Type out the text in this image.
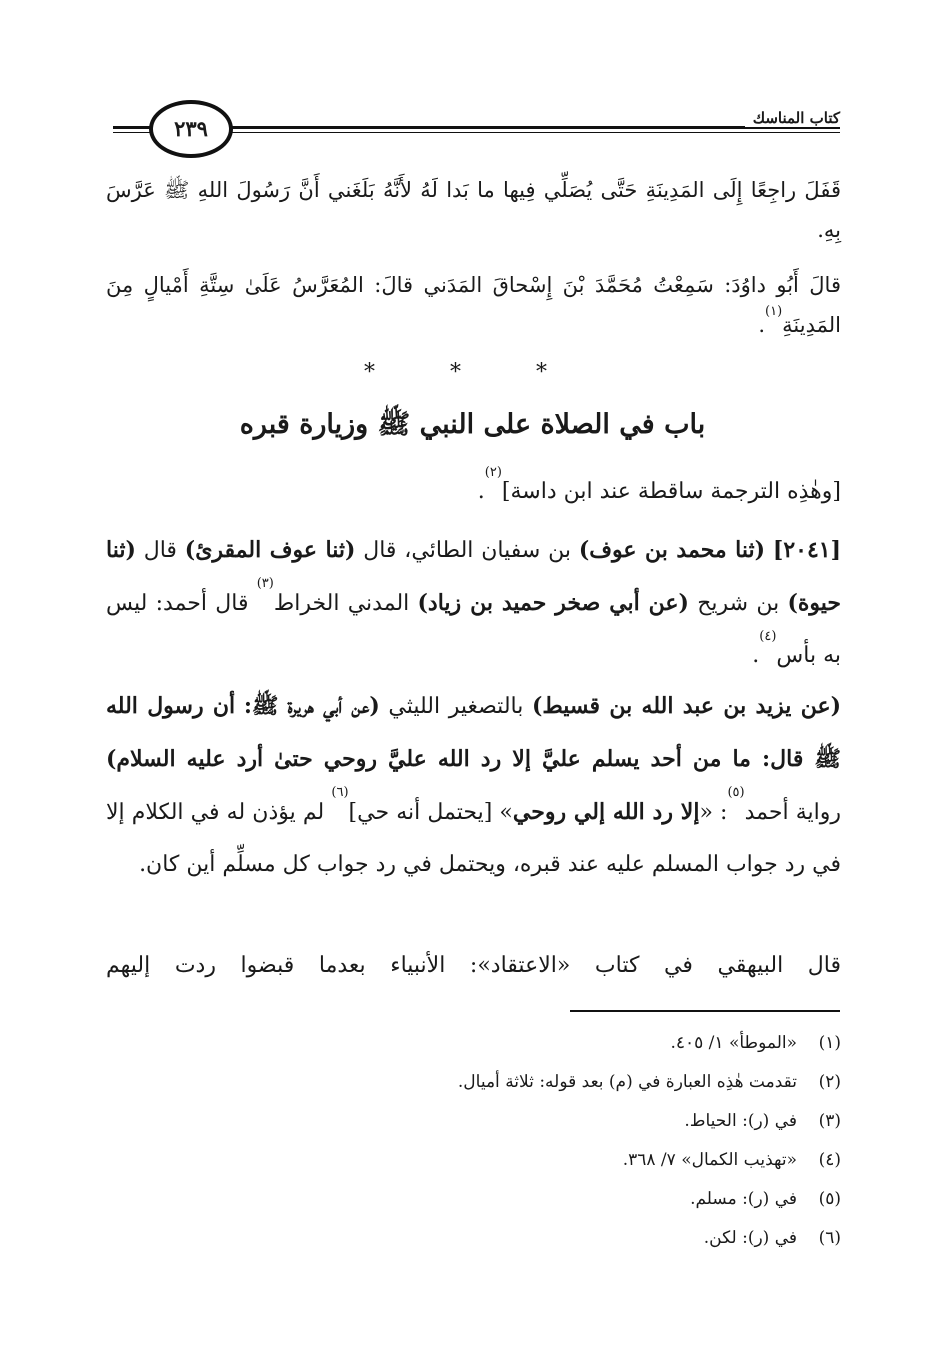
كتاب المناسك
٢٣٩

قَفَلَ راجِعًا إِلَى المَدِينَةِ حَتَّى يُصَلِّي فِيها ما بَدا لَهُ لأَنَّهُ بَلَغَني أَنَّ رَسُولَ اللهِ ﷺ عَرَّسَ بِهِ.

قالَ أَبُو داوُدَ: سَمِعْتُ مُحَمَّدَ بْنَ إِسْحاقَ المَدَني قالَ: المُعَرَّسُ عَلَىٰ سِتَّةِ أَمْيالٍ مِنَ المَدِينَةِ$^{(١)}$.

* * *
باب في الصلاة على النبي ﷺ وزيارة قبره

[وهٰذِه الترجمة ساقطة عند ابن داسة]$^{(٢)}$.

[٢٠٤١] (ثنا محمد بن عوف) بن سفيان الطائي، قال (ثنا عوف المقرئ) قال (ثنا حيوة) بن شريح (عن أبي صخر حميد بن زياد) المدني الخراط$^{(٣)}$ قال أحمد: ليس به بأس$^{(٤)}$.

(عن يزيد بن عبد الله بن قسيط) بالتصغير الليثي (عن أبي هريرة ﷺ: أن رسول الله ﷺ قال: ما من أحد يسلم عليَّ إلا رد الله عليَّ روحي حتىٰ أرد عليه السلام) رواية أحمد$^{(٥)}$: «إلا رد الله إلي روحي» [يحتمل أنه حي]$^{(٦)}$ لم يؤذن له في الكلام إلا في رد جواب المسلم عليه عند قبره، ويحتمل في رد جواب كل مسلِّم أين كان.

قال البيهقي في كتاب «الاعتقاد»: الأنبياء بعدما قبضوا ردت إليهم

(١)
«الموطأ» ١/ ٤٠٥.
(٢)
تقدمت هٰذِه العبارة في (م) بعد قوله: ثلاثة أميال.
(٣)
في (ر): الحياط.
(٤)
«تهذيب الكمال» ٧/ ٣٦٨.
(٥)
في (ر): مسلم.
(٦)
في (ر): لكن.
